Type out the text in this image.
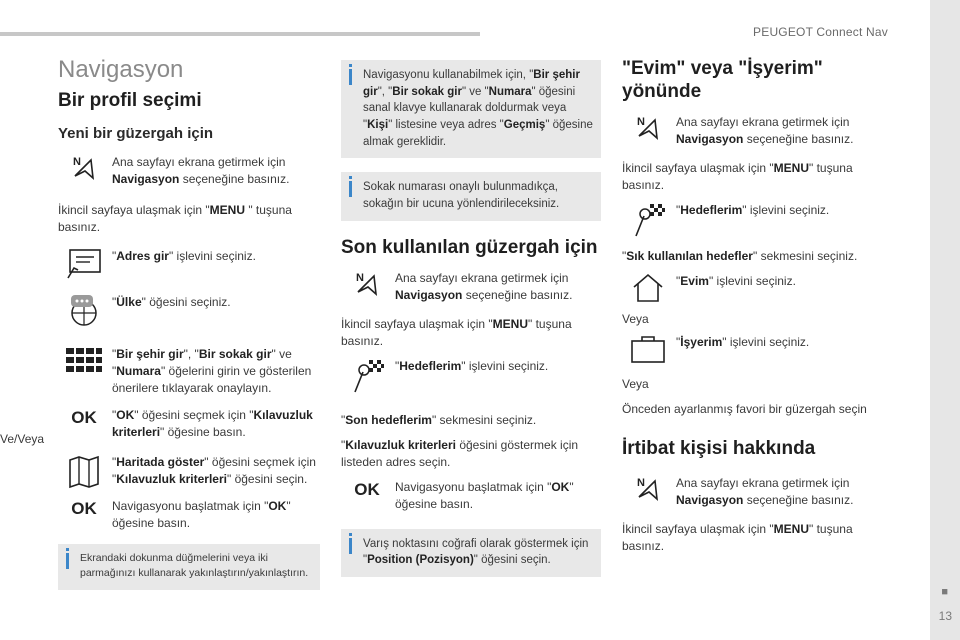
PEUGEOT Connect Nav
■
13
Navigasyon
Bir profil seçimi
Yeni bir güzergah için
N	Ana sayfayı ekrana getirmek için Navigasyon seçeneğine basınız.
İkincil sayfaya ulaşmak için "MENU " tuşuna basınız.
"Adres gir" işlevini seçiniz.
"Ülke" öğesini seçiniz.
"Bir şehir gir", "Bir sokak gir" ve "Numara" öğelerini girin ve gösterilen önerilere tıklayarak onaylayın.
OK	"OK" öğesini seçmek için "Kılavuzluk kriterleri" öğesine basın.
Ve/Veya
"Haritada göster" öğesini seçmek için "Kılavuzluk kriterleri" öğesini seçin.
OK	Navigasyonu başlatmak için "OK" öğesine basın.
Ekrandaki dokunma düğmelerini veya iki parmağınızı kullanarak yakınlaştırın/yakınlaştırın.
Navigasyonu kullanabilmek için, "Bir şehir gir", "Bir sokak gir" ve "Numara" öğesini sanal klavye kullanarak doldurmak veya "Kişi" listesine veya adres "Geçmiş" öğesine almak gereklidir.
Sokak numarası onaylı bulunmadıkça, sokağın bir ucuna yönlendirileceksiniz.
Son kullanılan güzergah için
N	Ana sayfayı ekrana getirmek için Navigasyon seçeneğine basınız.
İkincil sayfaya ulaşmak için "MENU" tuşuna basınız.
"Hedeflerim" işlevini seçiniz.
"Son hedeflerim" sekmesini seçiniz.
"Kılavuzluk kriterleri öğesini göstermek için listeden adres seçin.
OK	Navigasyonu başlatmak için "OK" öğesine basın.
Varış noktasını coğrafi olarak göstermek için "Position (Pozisyon)" öğesini seçin.
"Evim" veya "İşyerim" yönünde
N	Ana sayfayı ekrana getirmek için Navigasyon seçeneğine basınız.
İkincil sayfaya ulaşmak için "MENU" tuşuna basınız.
"Hedeflerim" işlevini seçiniz.
"Sık kullanılan hedefler" sekmesini seçiniz.
"Evim" işlevini seçiniz.
Veya
"İşyerim" işlevini seçiniz.
Veya
Önceden ayarlanmış favori bir güzergah seçin
İrtibat kişisi hakkında
N	Ana sayfayı ekrana getirmek için Navigasyon seçeneğine basınız.
İkincil sayfaya ulaşmak için "MENU" tuşuna basınız.
